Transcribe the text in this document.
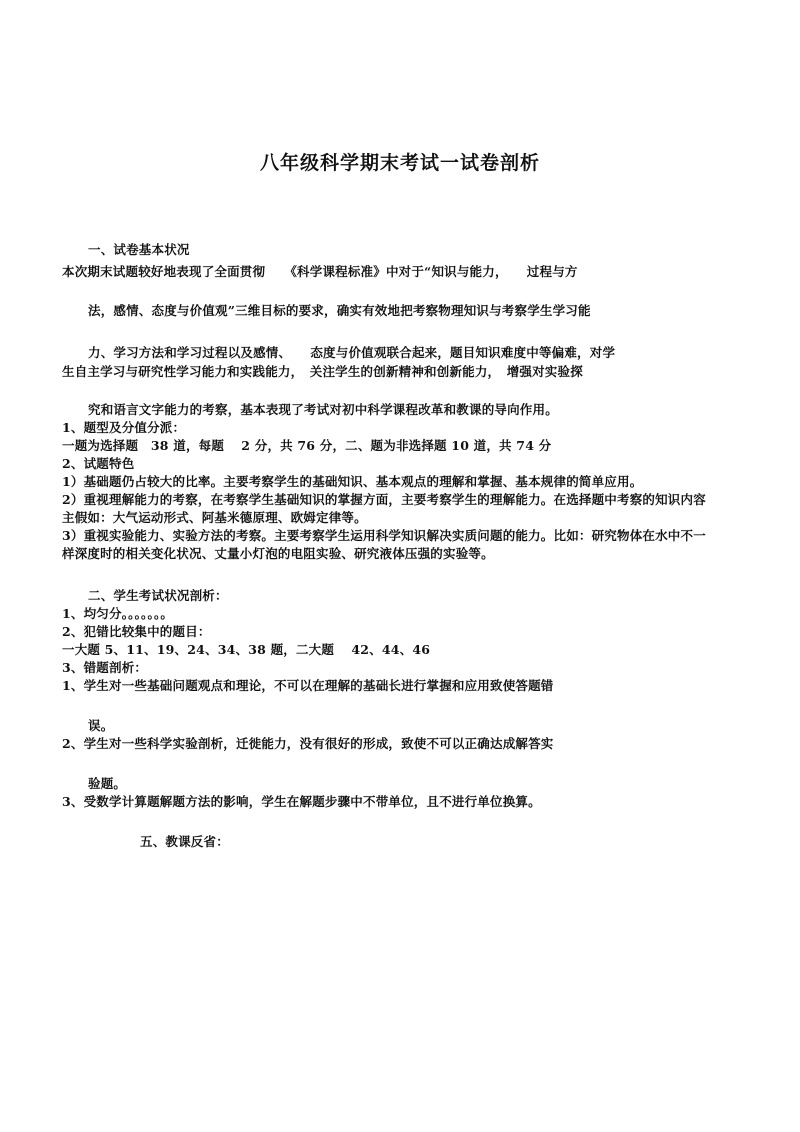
八年级科学期末考试一试卷剖析
一、试卷基本状况
本次期末试题较好地表现了全面贯彻　　《科学课程标准》中对于“知识与能力，　　过程与方
法，感情、态度与价值观”三维目标的要求，确实有效地把考察物理知识与考察学生学习能
力、学习方法和学习过程以及感情、　　态度与价值观联合起来，题目知识难度中等偏难，对学
生自主学习与研究性学习能力和实践能力，　关注学生的创新精神和创新能力，　增强对实验探
究和语言文字能力的考察，基本表现了考试对初中科学课程改革和教课的导向作用。
1、题型及分值分派：
一题为选择题　38 道，每题　 2 分，共 76 分，二、题为非选择题 10 道，共 74 分
2、试题特色
1）基础题仍占较大的比率。主要考察学生的基础知识、基本观点的理解和掌握、基本规律的简单应用。
2）重视理解能力的考察，在考察学生基础知识的掌握方面，主要考察学生的理解能力。在选择题中考察的知识内容
主假如：大气运动形式、阿基米德原理、欧姆定律等。
3）重视实验能力、实验方法的考察。主要考察学生运用科学知识解决实质问题的能力。比如：研究物体在水中不一
样深度时的相关变化状况、丈量小灯泡的电阻实验、研究液体压强的实验等。
二、学生考试状况剖析：
1、均匀分。。。。。。。
2、犯错比较集中的题目：
一大题 5、11、19、24、34、38 题，二大题　 42、44、46
3、错题剖析：
1、学生对一些基础问题观点和理论，不可以在理解的基础长进行掌握和应用致使答题错
误。
2、学生对一些科学实验剖析，迁徙能力，没有很好的形成，致使不可以正确达成解答实
验题。
3、受数学计算题解题方法的影响，学生在解题步骤中不带单位，且不进行单位换算。
五、教课反省：
